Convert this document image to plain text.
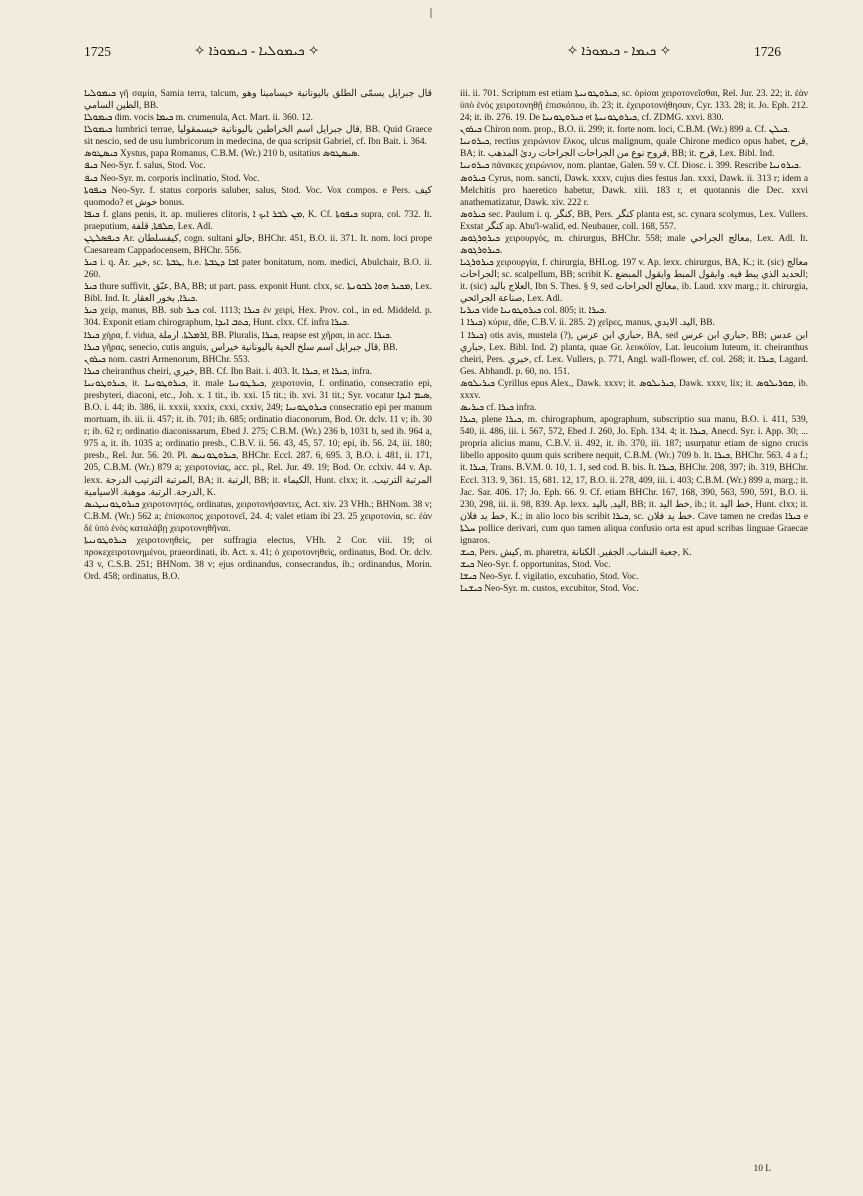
1725	✧ ܟܝܡܘܠܝܐ - ܟܝܡܘܪܐ ✧	✧ ܟܝܡܐ - ܟܝܡܘܪܐ ✧	1726

ܟܝܡܘܠܝܐ γῆ σαμία, Samia terra, talcum, قال جبرايل يسمّى الطلق باليونانية خيسامينا وهو الطين السامي, BB.

ܟܝܡܘܠܐ dim. vocis ܟܝܡܐ m. crumenula, Act. Mart. ii. 360. 12.

ܟܝܡܘܠܐ lumbrici terrae, قال جبرايل اسم الخراطين باليونانية خيسمقوليا, BB. Quid Graece sit nescio, sed de usu lumbricorum in medecina, de qua scripsit Gabriel, cf. Ibn Bait. i. 364.

ܟܝܣܛܘܣ Xystus, papa Romanus, C.B.M. (Wr.) 210 b, usitatius ܣܝܣܛܘܣ.

ܟܝܦ Neo-Syr. f. salus, Stod. Voc.

ܟܝܦ Neo-Syr. m. corporis inclinatio, Stod. Voc.

ܟܝܦܘܬܐ Neo-Syr. f. status corporis saluber, salus, Stod. Voc. Vox compos. e Pers. كيف quomodo? et خوش bonus.

ܟܝܦܐ f. glans penis, it. ap. mulieres clitoris, ܡܢ ܠܒܪ ܐܝܟ ܐ, K. Cf. ܟܝܦܘܬܐ supra, col. 732. It. praeputium, ܩܠܦܬܐ, قلفة, Lex. Adl.

ܟܝܦܣܠܛܢ Ar. كيفسلطان, cogn. sultani حالو, BHChr. 451, B.O. ii. 371. It. nom. loci prope Caesaream Cappadocensem, BHChr. 556.

ܟܝܪ i. q. Ar. خير, sc. ܛܒܬܐ, h.e. ܐܒܐ ܕܛܒܬܐ pater bonitatum, nom. medici, Abulchair, B.O. ii. 260.

ܟܝܪ thure suffivit, عبّق, BA, BB; ut part. pass. exponit Hunt. clxx, sc. ܡܟܝܪ ܗܘܐ ܠܒܘܢܬܐ, Lex. Bibl. Ind. It. ܟܝܪܐ, بخور العقار.

ܟܝܪ χείρ, manus, BB. sub ܟܝܪ col. 1113; ܟܝܪܐ ἐν χειρί, Hex. Prov. col., in ed. Middeld. p. 304. Exponit etiam chirographum, ܟܬܒ ܐܝܕܐ, Hunt. clxx. Cf. infra ܟܝܪܐ.

ܟܝܪܐ χήρα, f. vidua, ܐܪܡܠܬܐ. ارملة, BB. Pluralis, ܟܝܪܐ, reapse est χῆραι, in acc. ܟܝܪܐ.

ܟܝܪܐ γῆρας, senecio, cutis anguis, قال جبرايل اسم سلخ الحية باليونانية خيراس, BB.

ܟܝܪܘܢ nom. castri Armenorum, BHChr. 553.

ܟܝܪܐ cheiranthus cheiri, خيري, BB. Cf. Ibn Bait. i. 403. It. ܟܝܪܐ, et ܟܝܪܐ, infra.

ܟܝܪܘܛܘܢܝܐ, it. ܟܝܪܘܛܘܢܝܐ, it. male ܟܝܪܛܘܢܝܐ, χειροτονία, f. ordinatio, consecratio epi, presbyteri, diaconi, etc., Joh. x. 1 tit., ib. xxi. 15 tit.; ib. xvi. 31 tit.; Syr. vocatur ܣܝܡ ܐܝܕܐ, B.O. i. 44; ib. 386, ii. xxxii, xxxix, cxxi, cxxiv, 249; ܟܝܪܘܛܘܢܝܐ consecratio epi per manum mortuam, ib. iii. ii. 457; it. ib. 701; ib. 685; ordinatio diaconorum, Bod. Or. dclv. 11 v; ib. 30 r; ib. 62 r; ordinatio diaconissarum, Ebed J. 275; C.B.M. (Wr.) 236 b, 1031 b, sed ib. 964 a, 975 a, it. ib. 1035 a; ordinatio presb., C.B.V. ii. 56. 43, 45, 57. 10; epi, ib. 56. 24, iii. 180; presb., Rel. Jur. 56. 20. Pl. ܟܝܪܘܛܘܢܝܣ, BHChr. Eccl. 287. 6, 695. 3, B.O. i. 481, ii. 171, 205, C.B.M. (Wr.) 879 a; χειροτονίας, acc. pl., Rel. Jur. 49. 19; Bod. Or. cclxiv. 44 v. Ap. lexx. المرتبة الترتيب الدرجة, BA; it. الرتبة, BB; it. الكيماء, Hunt. clxx; it. المرتبة الترتيب. الدرجة. الرتبة. موهبة. الاسيامية, K.

ܟܝܪܘܛܘܢܝܛܝܣ χειροτονητός, ordinatus, χειροτονήσαντες, Act. xiv. 23 VHh.; BHNom. 38 v; C.B.M. (Wr.) 562 a; ἐπίσκοπος χειροτονεῖ, 24. 4; valet etiam ibi 23. 25 χειροτονία, sc. ἐὰν δὲ ὑπὸ ἑνὸς καταλάβῃ χειροτονηθῆναι.

ܟܝܪܘܛܘܢܝܬܐ χειροτονηθεὶς, per suffragia electus, VHh. 2 Cor. viii. 19; οἱ προκεχειροτονημένοι, praeordinati, ib. Act. x. 41; ὁ χειροτονηθεὶς, ordinatus, Bod. Or. dclv. 43 v, C.S.B. 251; BHNom. 38 v; ejus ordinandus, consecrandus, ib.; ordinandus, Morin. Ord. 458; ordinatus, B.O.

iii. ii. 701. Scriptum est etiam ܟܝܪܘܛܘܢܝܬܐ, sc. ὁρίσαι χειροτονεῖσθαι, Rel. Jur. 23. 22; it. ἐὰν ὑπὸ ἑνὸς χειροτονηθῇ ἐπισκόπου, ib. 23; it. ἐχειροτονήθησαν, Cyr. 133. 28; it. Jo. Eph. 212. 24; it. ib. 276. 19. De ܟܝܪܘܛܘܢܝܐ et ܟܝܪܘܛܘܢܝܬܐ, cf. ZDMG. xxvi. 830.

ܟܝܪܘܢ Chiron nom. prop., B.O. ii. 299; it. forte nom. loci, C.B.M. (Wr.) 899 a. Cf. ܟܝܠܢ.

ܟܝܪܘܢܝܐ, rectius χειρώνιον ἕλκος, ulcus malignum, quale Chirone medico opus habet, قرح, BA; it. قروح نوع من الجراحات الجراحات ردئ المذهب, BB; it. قرح, Lex. Bibl. Ind.

ܟܝܪܘܢܝܐ πάνακες χειρώνιον, nom. plantae, Galen. 59 v. Cf. Diosc. i. 399. Rescribe ܟܝܪܘܢܝܐ.

ܟܝܪܘܣ Cyrus, nom. sancti, Dawk. xxxv, cujus dies festus Jan. xxxi, Dawk. ii. 313 r; idem a Melchitis pro haeretico habetur, Dawk. xiii. 183 r, et quotannis die Dec. xxvi anathematizatur, Dawk. xiv. 222 r.

ܟܝܪܘܣ sec. Paulum i. q. كنگر, BB, Pers. كنگر planta est, sc. cynara scolymus, Lex. Vullers. Exstat كنگر ap. Abu'l-walid, ed. Neubauer, coll. 168, 557.

ܟܝܪܘܪܓܘܣ χειρουργός, m. chirurgus, BHChr. 558; male معالج الجراحي, Lex. Adl. It. ܟܝܪܘܪܓܘܣ.

ܟܝܪܘܪܓܝܐ χειρουργία, f. chirurgia, BHLog. 197 v. Ap. lexx. chirurgus, BA, K.; it. (sic) معالج الجراحات; sc. scalpellum, BB; scribit K. الحديد الذي يبط فيه. وايقول المبط وايقول المبضع; it. (sic) العلاج باليد, Ibn S. Thes. § 9, sed معالج الجراحات, ib. Laud. xxv marg.; it. chirurgia, صناعة الجرائحي, Lex. Adl.

ܟܝܪܝܐ vide ܟܝܪܘܛܘܢܝܐ col. 805; it. ܟܝܪܐ.

ܟܝܪܐ 1) κύριε, dñe, C.B.V. ii. 285. 2) χεῖρες, manus, اليد. الايدي, BB.

ܟܝܪܐ 1) otis avis, mustela (?), حباري ابن عرس, BA, sed حباري ابن عرس, BB; ابن عدس حباري, Lex. Bibl. Ind. 2) planta, quae Gr. λευκόϊον, Lat. leucoium luteum, it. cheiranthus cheiri, Pers. خيري, cf. Lex. Vullers, p. 771, Angl. wall-flower, cf. col. 268; it. ܟܝܪܐ, Lagard. Ges. Abhandl. p. 60, no. 151.

ܟܝܪܝܠܘܣ Cyrillus epus Alex., Dawk. xxxv; it. ܟܝܪܝܠܘܣ, Dawk. xxxv, lix; it. ܩܘܪܝܠܘܣ, ib. xxxv.

ܟܝܪܝܣ cf. ܟܝܪܐ infra.

ܟܝܪܐ, plene ܟܝܪܐ, m. chirographum, apographum, subscriptio sua manu, B.O. i. 411, 539, 540, ii. 486, iii. i. 567, 572, Ebed J. 260, Jo. Eph. 134. 4; it. ܟܝܪܐ, Anecd. Syr. i. App. 30; ... propria alicius manu, C.B.V. ii. 492, it. ib. 370, iii. 187; usurpatur etiam de signo crucis libello apposito quum quis scribere nequit, C.B.M. (Wr.) 709 b. It. ܟܝܪܐ, BHChr. 563. 4 a f.; it. ܟܝܪܐ, Trans. B.V.M. 0. 10, 1. 1, sed cod. B. bis. It. ܟܝܪܐ, BHChr. 208, 397; ib. 319, BHChr. Eccl. 313. 9, 361. 15, 681. 12, 17, B.O. ii. 278, 409, iii. i. 403; C.B.M. (Wr.) 899 a, marg.; it. Jac. Sar. 406. 17; Jo. Eph. 66. 9. Cf. etiam BHChr. 167, 168, 390, 563, 590, 591, B.O. ii. 230, 298, iii. ii. 98, 839. Ap. lexx. اليد, باليد, BB; it. خط اليد, ib.; it. خط اليد, Hunt. clxx; it. خط يد فلان, K.; in alio loco bis scribit ܟܝܪܐ, sc. خط يد فلان. Cave tamen ne credas ܟܝܪܐ e ܚܠܬܐ pollice derivari, cum quo tamen aliqua confusio orta est apud scribas linguae Graecae ignaros.

ܟܝܫ, Pers. كيش, m. pharetra, جعبة النشاب. الجفير. الكنانة, K.

ܟܝܫ Neo-Syr. f. opportunitas, Stod. Voc.

ܟܝܫܐ Neo-Syr. f. vigilatio, excubatio, Stod. Voc.

ܟܝܫܢܐ Neo-Syr. m. custos, excubitor, Stod. Voc.

10 L
